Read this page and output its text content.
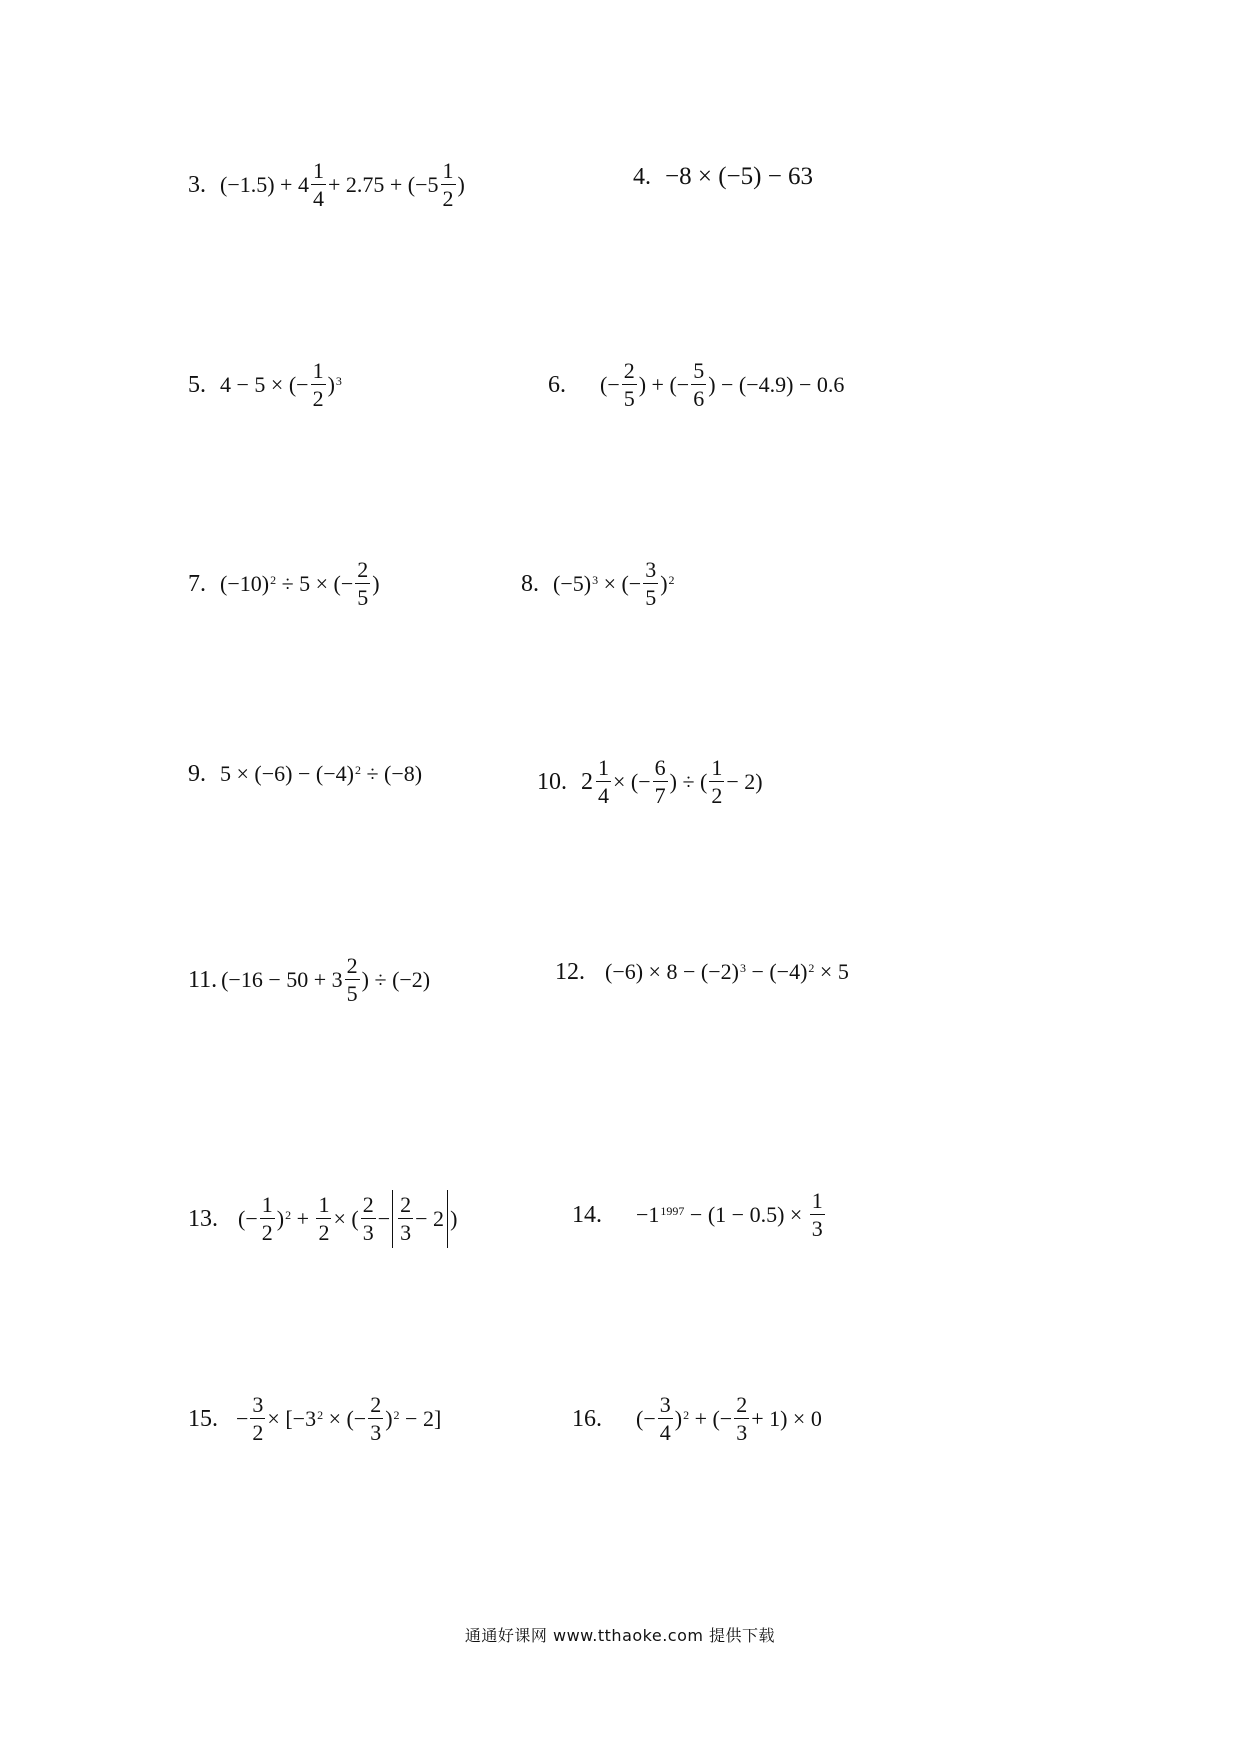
3. $(-1.5) + 4 \frac{1}{4} + 2.75 + (-5 \frac{1}{2}$ )	4. −8 × (−5) − 63
5. 4 − 5 × (− $\frac{1}{2} )^3$	6. (− $\frac{2}{5}$ ) + (− $\frac{5}{6}$ ) − (−4.9) − 0.6
7. $(-10)^2 \div 5$ × (− $\frac{2}{5}$ )	8. $(-5)^3$ × (− $\frac{3}{5} )^2$
9. $5 \times (-6) - (-4)^2 \div (-8)$	10. $2 \frac{1}{4}$ × (− $\frac{6}{7}$ ) ÷ ( $\frac{1}{2} - 2$)
11. ($-16 - 50 + 3 \frac{2}{5}$ ) ÷ (−2)	12. $(-6) \times 8 - (-2)^3 - (-4)^2 \times 5$
13. (− $\frac{1}{2} )^2 + \frac{1}{2}$ × ( $\frac{2}{3} - \frac{2}{3} - 2$ )	14. $-1^{1997} - (1 - 0.5) \times \frac{1}{3}$
15. − $\frac{3}{2} \times [-3^2$ × (− $\frac{2}{3} )^2 - 2$]	16. (− $\frac{3}{4} )^2$ + (− $\frac{2}{3} + 1) \times 0$
通通好课网 www.tthaoke.com 提供下载
